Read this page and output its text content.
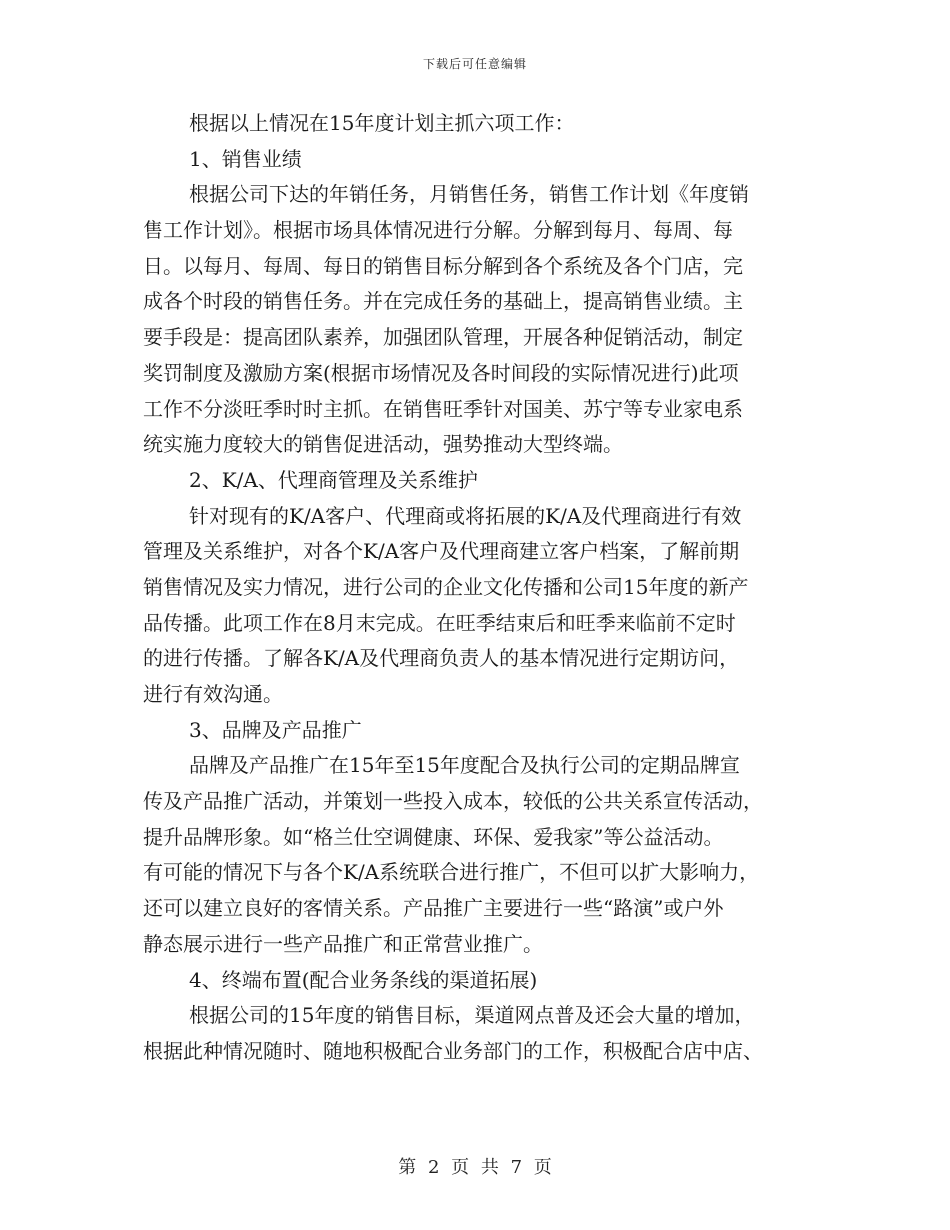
下载后可任意编辑
根据以上情况在15年度计划主抓六项工作：
1、销售业绩
根据公司下达的年销任务，月销售任务，销售工作计划《年度销
售工作计划》。根据市场具体情况进行分解。分解到每月、每周、每
日。以每月、每周、每日的销售目标分解到各个系统及各个门店，完
成各个时段的销售任务。并在完成任务的基础上，提高销售业绩。主
要手段是：提高团队素养，加强团队管理，开展各种促销活动，制定
奖罚制度及激励方案(根据市场情况及各时间段的实际情况进行)此项
工作不分淡旺季时时主抓。在销售旺季针对国美、苏宁等专业家电系
统实施力度较大的销售促进活动，强势推动大型终端。
2、K/A、代理商管理及关系维护
针对现有的K/A客户、代理商或将拓展的K/A及代理商进行有效
管理及关系维护，对各个K/A客户及代理商建立客户档案，了解前期
销售情况及实力情况，进行公司的企业文化传播和公司15年度的新产
品传播。此项工作在8月末完成。在旺季结束后和旺季来临前不定时
的进行传播。了解各K/A及代理商负责人的基本情况进行定期访问，
进行有效沟通。
3、品牌及产品推广
品牌及产品推广在15年至15年度配合及执行公司的定期品牌宣
传及产品推广活动，并策划一些投入成本，较低的公共关系宣传活动，
提升品牌形象。如“格兰仕空调健康、环保、爱我家”等公益活动。
有可能的情况下与各个K/A系统联合进行推广，不但可以扩大影响力，
还可以建立良好的客情关系。产品推广主要进行一些“路演”或户外
静态展示进行一些产品推广和正常营业推广。
4、终端布置(配合业务条线的渠道拓展)
根据公司的15年度的销售目标，渠道网点普及还会大量的增加，
根据此种情况随时、随地积极配合业务部门的工作，积极配合店中店、
第 2 页 共 7 页
